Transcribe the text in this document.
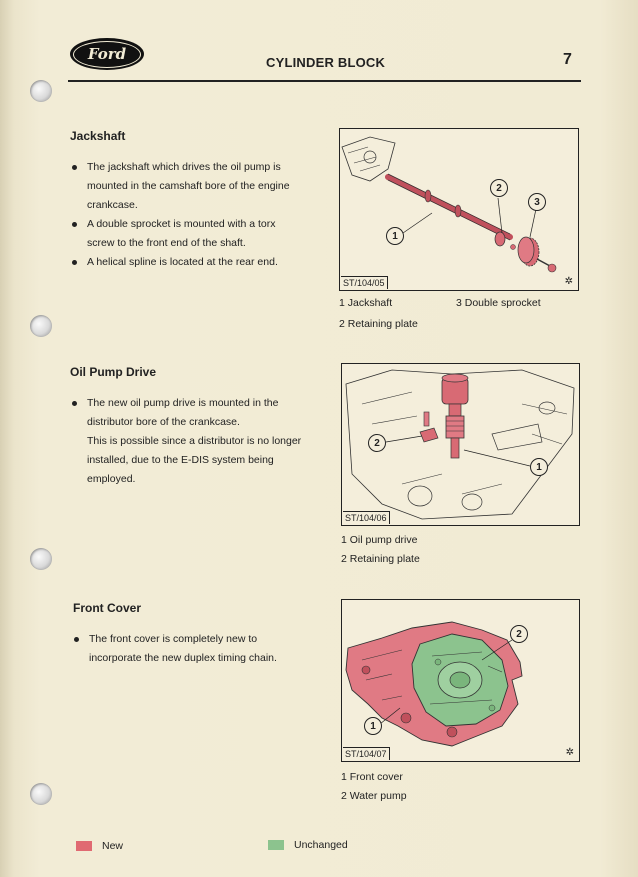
Ford	CYLINDER BLOCK	7
Jackshaft
The jackshaft which drives the oil pump is
mounted in the camshaft bore of the engine
crankcase.
A double sprocket is mounted with a torx
screw to the front end of the shaft.
A helical spline is located at the rear end.
1
2
3
ST/104/05	✲
1 Jackshaft	3 Double sprocket
2 Retaining plate
Oil Pump Drive
The new oil pump drive is mounted in the
distributor bore of the crankcase.
This is possible since a distributor is no longer
installed, due to the E-DIS system being
employed.
2
1
ST/104/06
1 Oil pump drive
2 Retaining plate
Front Cover
The front cover is completely new to
incorporate the new duplex timing chain.
1
2
ST/104/07	✲
1 Front cover
2 Water pump
New	Unchanged
